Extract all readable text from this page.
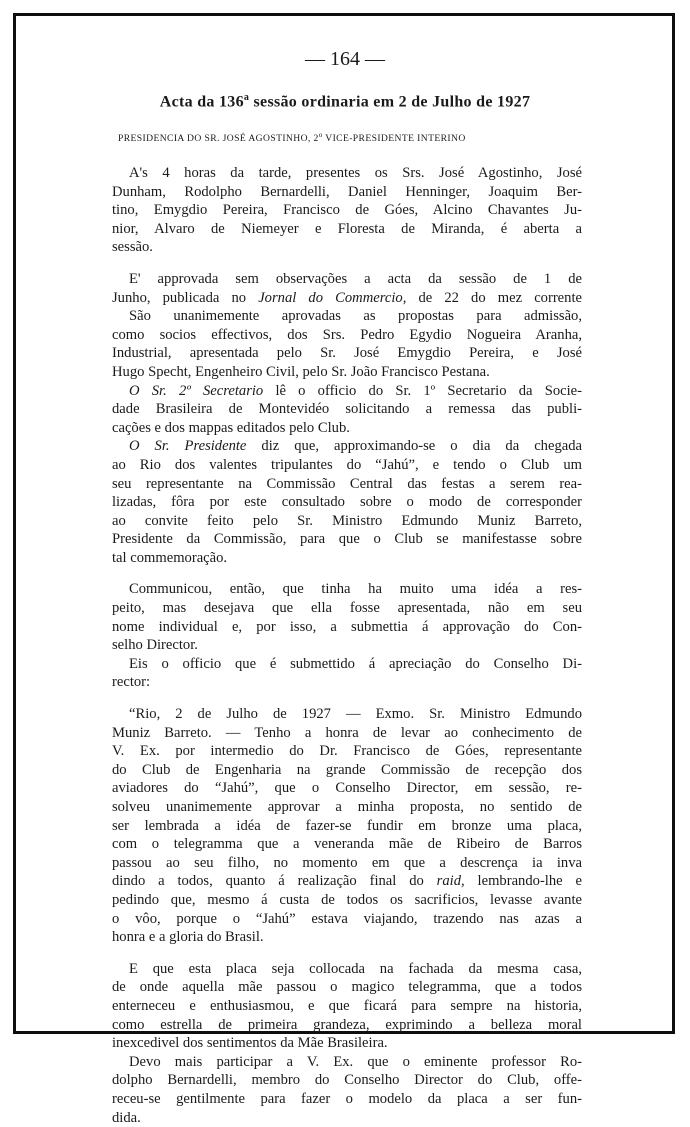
— 164 —
Acta da 136$^a$ sessão ordinaria em 2 de Julho de 1927
PRESIDENCIA DO SR. JOSÉ AGOSTINHO, 2$^o$ VICE-PRESIDENTE INTERINO

A's 4 horas da tarde, presentes os Srs. José Agostinho, José

Dunham, Rodolpho Bernardelli, Daniel Henninger, Joaquim Ber-

tino, Emygdio Pereira, Francisco de Góes, Alcino Chavantes Ju-

nior, Alvaro de Niemeyer e Floresta de Miranda, é aberta a

sessão.

E' approvada sem observações a acta da sessão de 1 de

Junho, publicada no Jornal do Commercio, de 22 do mez corrente

São unanimemente aprovadas as propostas para admissão,

como socios effectivos, dos Srs. Pedro Egydio Nogueira Aranha,

Industrial, apresentada pelo Sr. José Emygdio Pereira, e José

Hugo Specht, Engenheiro Civil, pelo Sr. João Francisco Pestana.

O Sr. 2º Secretario lê o officio do Sr. 1º Secretario da Socie-

dade Brasileira de Montevidéo solicitando a remessa das publi-

cações e dos mappas editados pelo Club.

O Sr. Presidente diz que, approximando-se o dia da chegada

ao Rio dos valentes tripulantes do “Jahú”, e tendo o Club um

seu representante na Commissão Central das festas a serem rea-

lizadas, fôra por este consultado sobre o modo de corresponder

ao convite feito pelo Sr. Ministro Edmundo Muniz Barreto,

Presidente da Commissão, para que o Club se manifestasse sobre

tal commemoração.

Communicou, então, que tinha ha muito uma idéa a res-

peito, mas desejava que ella fosse apresentada, não em seu

nome individual e, por isso, a submettia á approvação do Con-

selho Director.

Eis o officio que é submettido á apreciação do Conselho Di-

rector:

“Rio, 2 de Julho de 1927 — Exmo. Sr. Ministro Edmundo

Muniz Barreto. — Tenho a honra de levar ao conhecimento de

V. Ex. por intermedio do Dr. Francisco de Góes, representante

do Club de Engenharia na grande Commissão de recepção dos

aviadores do “Jahú”, que o Conselho Director, em sessão, re-

solveu unanimemente approvar a minha proposta, no sentido de

ser lembrada a idéa de fazer-se fundir em bronze uma placa,

com o telegramma que a veneranda mãe de Ribeiro de Barros

passou ao seu filho, no momento em que a descrença ia inva

dindo a todos, quanto á realização final do raid, lembrando-lhe e

pedindo que, mesmo á custa de todos os sacrificios, levasse avante

o vôo, porque o “Jahú” estava viajando, trazendo nas azas a

honra e a gloria do Brasil.

E que esta placa seja collocada na fachada da mesma casa,

de onde aquella mãe passou o magico telegramma, que a todos

enterneceu e enthusiasmou, e que ficará para sempre na historia,

como estrella de primeira grandeza, exprimindo a belleza moral

inexcedivel dos sentimentos da Mãe Brasileira.

Devo mais participar a V. Ex. que o eminente professor Ro-

dolpho Bernardelli, membro do Conselho Director do Club, offe-

receu-se gentilmente para fazer o modelo da placa a ser fun-

dida.
